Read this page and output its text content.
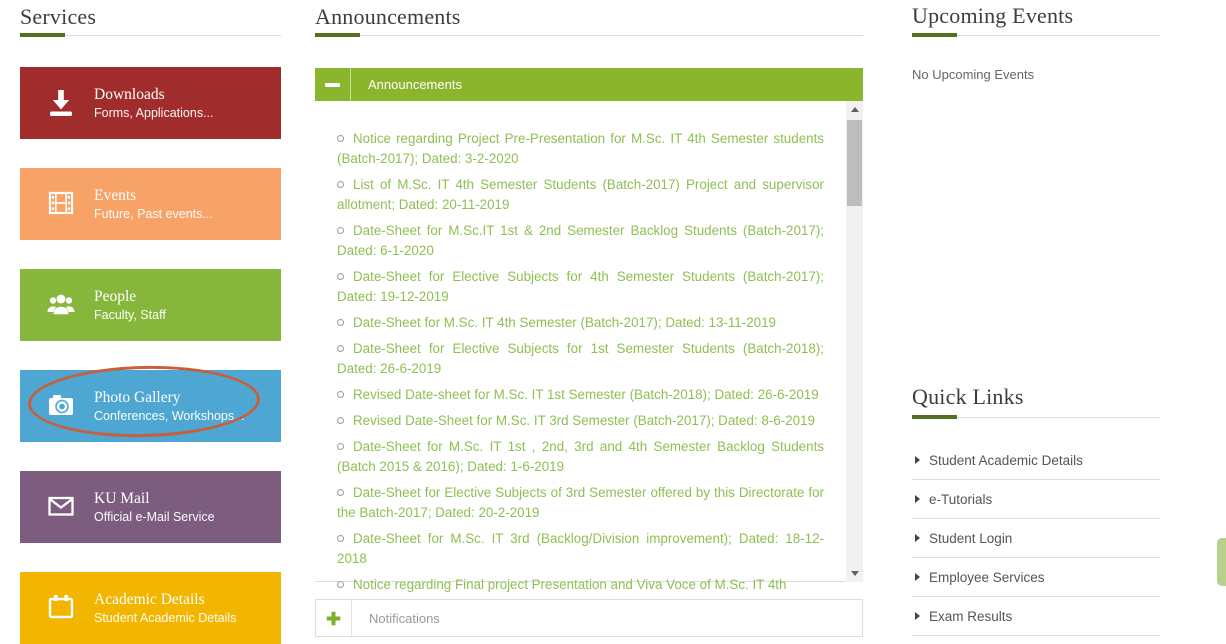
Services
Downloads
Forms, Applications...
Events
Future, Past events...
People
Faculty, Staff
Photo Gallery
Conferences, Workshops...
KU Mail
Official e-Mail Service
Academic Details
Student Academic Details
Announcements
Announcements

Notice regarding Project Pre-Presentation for M.Sc. IT 4th Semester students (Batch-2017); Dated: 3-2-2020

List of M.Sc. IT 4th Semester Students (Batch-2017) Project and supervisor allotment; Dated: 20-11-2019

Date-Sheet for M.Sc.IT 1st & 2nd Semester Backlog Students (Batch-2017); Dated: 6-1-2020

Date-Sheet for Elective Subjects for 4th Semester Students (Batch-2017); Dated: 19-12-2019

Date-Sheet for M.Sc. IT 4th Semester (Batch-2017); Dated: 13-11-2019

Date-Sheet for Elective Subjects for 1st Semester Students (Batch-2018); Dated: 26-6-2019

Revised Date-sheet for M.Sc. IT 1st Semester (Batch-2018); Dated: 26-6-2019

Revised Date-Sheet for M.Sc. IT 3rd Semester (Batch-2017); Dated: 8-6-2019

Date-Sheet for M.Sc. IT 1st , 2nd, 3rd and 4th Semester Backlog Students (Batch 2015 & 2016); Dated: 1-6-2019

Date-Sheet for Elective Subjects of 3rd Semester offered by this Directorate for the Batch-2017; Dated: 20-2-2019

Date-Sheet for M.Sc. IT 3rd (Backlog/Division improvement); Dated: 18-12-2018

Notice regarding Final project Presentation and Viva Voce of M.Sc. IT 4th

Notifications
Upcoming Events
No Upcoming Events
Quick Links
Student Academic Details
e-Tutorials
Student Login
Employee Services
Exam Results
